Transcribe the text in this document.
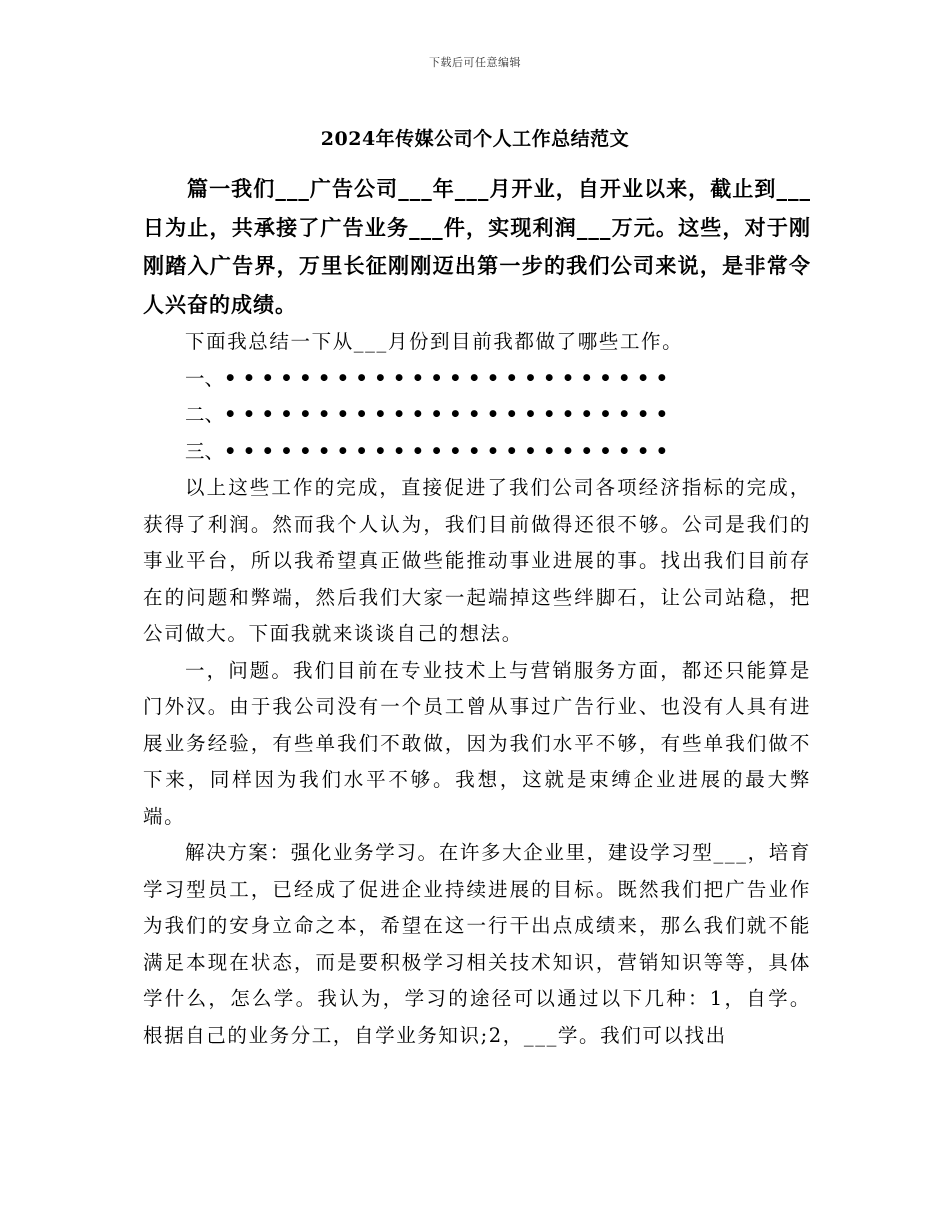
下载后可任意编辑
2024年传媒公司个人工作总结范文

篇一我们___广告公司___年___月开业，自开业以来，截止到___日为止，共承接了广告业务___件，实现利润___万元。这些，对于刚刚踏入广告界，万里长征刚刚迈出第一步的我们公司来说，是非常令人兴奋的成绩。

下面我总结一下从___月份到目前我都做了哪些工作。

一、••••••••••••••••••••••••

二、••••••••••••••••••••••••

三、••••••••••••••••••••••••

以上这些工作的完成，直接促进了我们公司各项经济指标的完成，获得了利润。然而我个人认为，我们目前做得还很不够。公司是我们的事业平台，所以我希望真正做些能推动事业进展的事。找出我们目前存在的问题和弊端，然后我们大家一起端掉这些绊脚石，让公司站稳，把公司做大。下面我就来谈谈自己的想法。

一，问题。我们目前在专业技术上与营销服务方面，都还只能算是门外汉。由于我公司没有一个员工曾从事过广告行业、也没有人具有进展业务经验，有些单我们不敢做，因为我们水平不够，有些单我们做不下来，同样因为我们水平不够。我想，这就是束缚企业进展的最大弊端。

解决方案：强化业务学习。在许多大企业里，建设学习型___，培育学习型员工，已经成了促进企业持续进展的目标。既然我们把广告业作为我们的安身立命之本，希望在这一行干出点成绩来，那么我们就不能满足本现在状态，而是要积极学习相关技术知识，营销知识等等，具体学什么，怎么学。我认为，学习的途径可以通过以下几种：1，自学。根据自己的业务分工，自学业务知识;2，___学。我们可以找出
